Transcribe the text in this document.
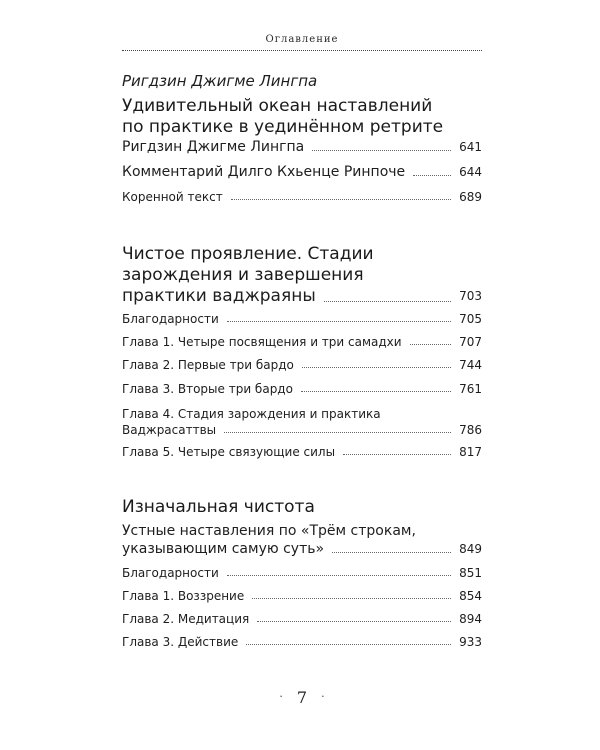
Оглавление
Ригдзин Джигме Лингпа
Удивительный океан наставлений
по практике в уединённом ретрите
Ригдзин Джигме Лингпа	641
Комментарий Дилго Кхьенце Ринпоче	644
Коренной текст	689
Чистое проявление. Стадии
зарождения и завершения
практики ваджраяны	703
Благодарности	705
Глава 1. Четыре посвящения и три самадхи	707
Глава 2. Первые три бардо	744
Глава 3. Вторые три бардо	761
Глава 4. Стадия зарождения и практика
Ваджрасаттвы	786
Глава 5. Четыре связующие силы	817
Изначальная чистота
Устные наставления по «Трём строкам,
указывающим самую суть»	849
Благодарности	851
Глава 1. Воззрение	854
Глава 2. Медитация	894
Глава 3. Действие	933
· 7 ·
